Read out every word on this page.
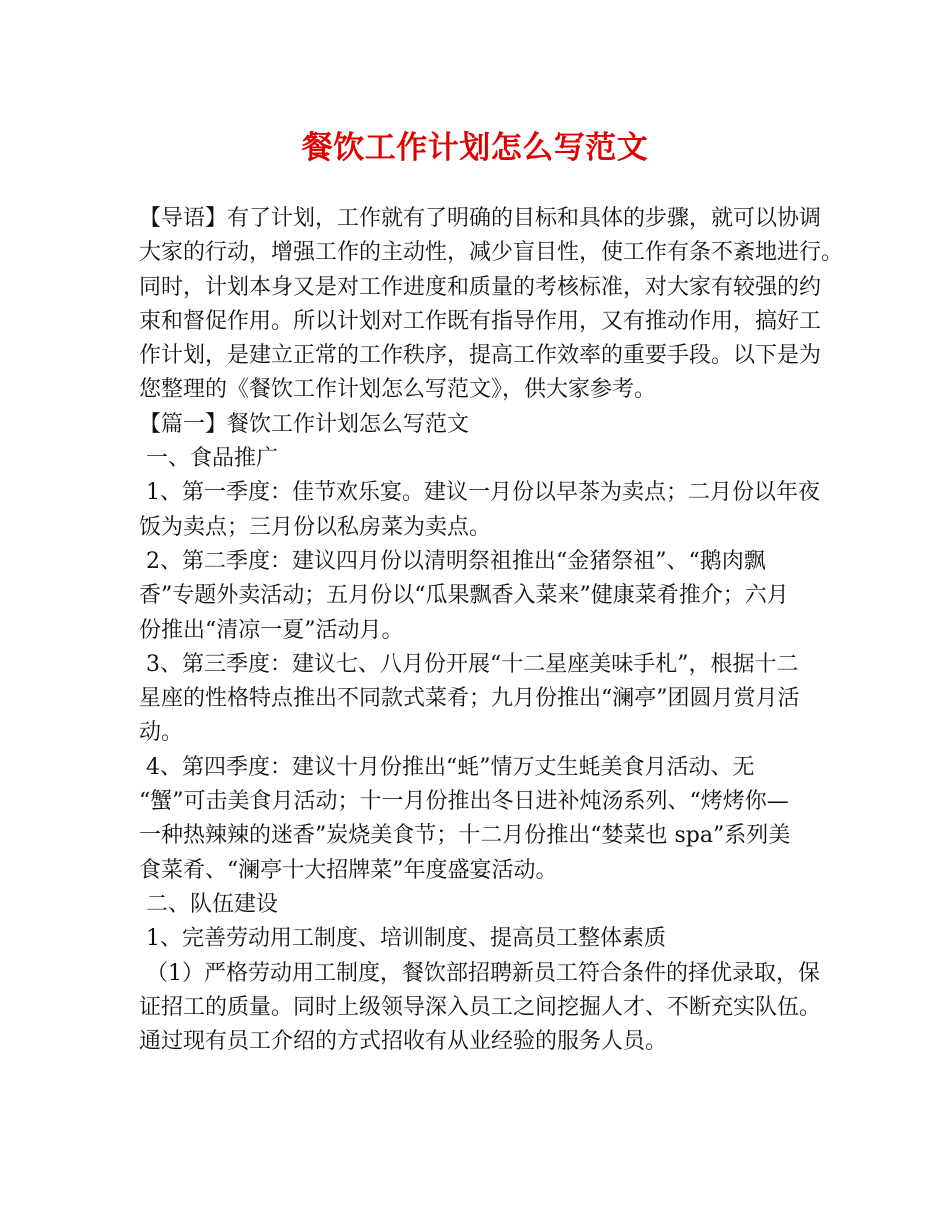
餐饮工作计划怎么写范文
【导语】有了计划，工作就有了明确的目标和具体的步骤，就可以协调
大家的行动，增强工作的主动性，减少盲目性，使工作有条不紊地进行。
同时，计划本身又是对工作进度和质量的考核标准，对大家有较强的约
束和督促作用。所以计划对工作既有指导作用，又有推动作用，搞好工
作计划，是建立正常的工作秩序，提高工作效率的重要手段。以下是为
您整理的《餐饮工作计划怎么写范文》，供大家参考。
【篇一】餐饮工作计划怎么写范文
一、食品推广
1、第一季度：佳节欢乐宴。建议一月份以早茶为卖点；二月份以年夜
饭为卖点；三月份以私房菜为卖点。
2、第二季度：建议四月份以清明祭祖推出“金猪祭祖”、“鹅肉飘
香”专题外卖活动；五月份以“瓜果飘香入菜来”健康菜肴推介；六月
份推出“清凉一夏”活动月。
3、第三季度：建议七、八月份开展“十二星座美味手札”，根据十二
星座的性格特点推出不同款式菜肴；九月份推出“澜亭”团圆月赏月活
动。
4、第四季度：建议十月份推出“蚝”情万丈生蚝美食月活动、无
“蟹”可击美食月活动；十一月份推出冬日进补炖汤系列、“烤烤你—
一种热辣辣的迷香”炭烧美食节；十二月份推出“婪菜也 spa”系列美
食菜肴、“澜亭十大招牌菜”年度盛宴活动。
二、队伍建设
1、完善劳动用工制度、培训制度、提高员工整体素质
（1）严格劳动用工制度，餐饮部招聘新员工符合条件的择优录取，保
证招工的质量。同时上级领导深入员工之间挖掘人才、不断充实队伍。
通过现有员工介绍的方式招收有从业经验的服务人员。
